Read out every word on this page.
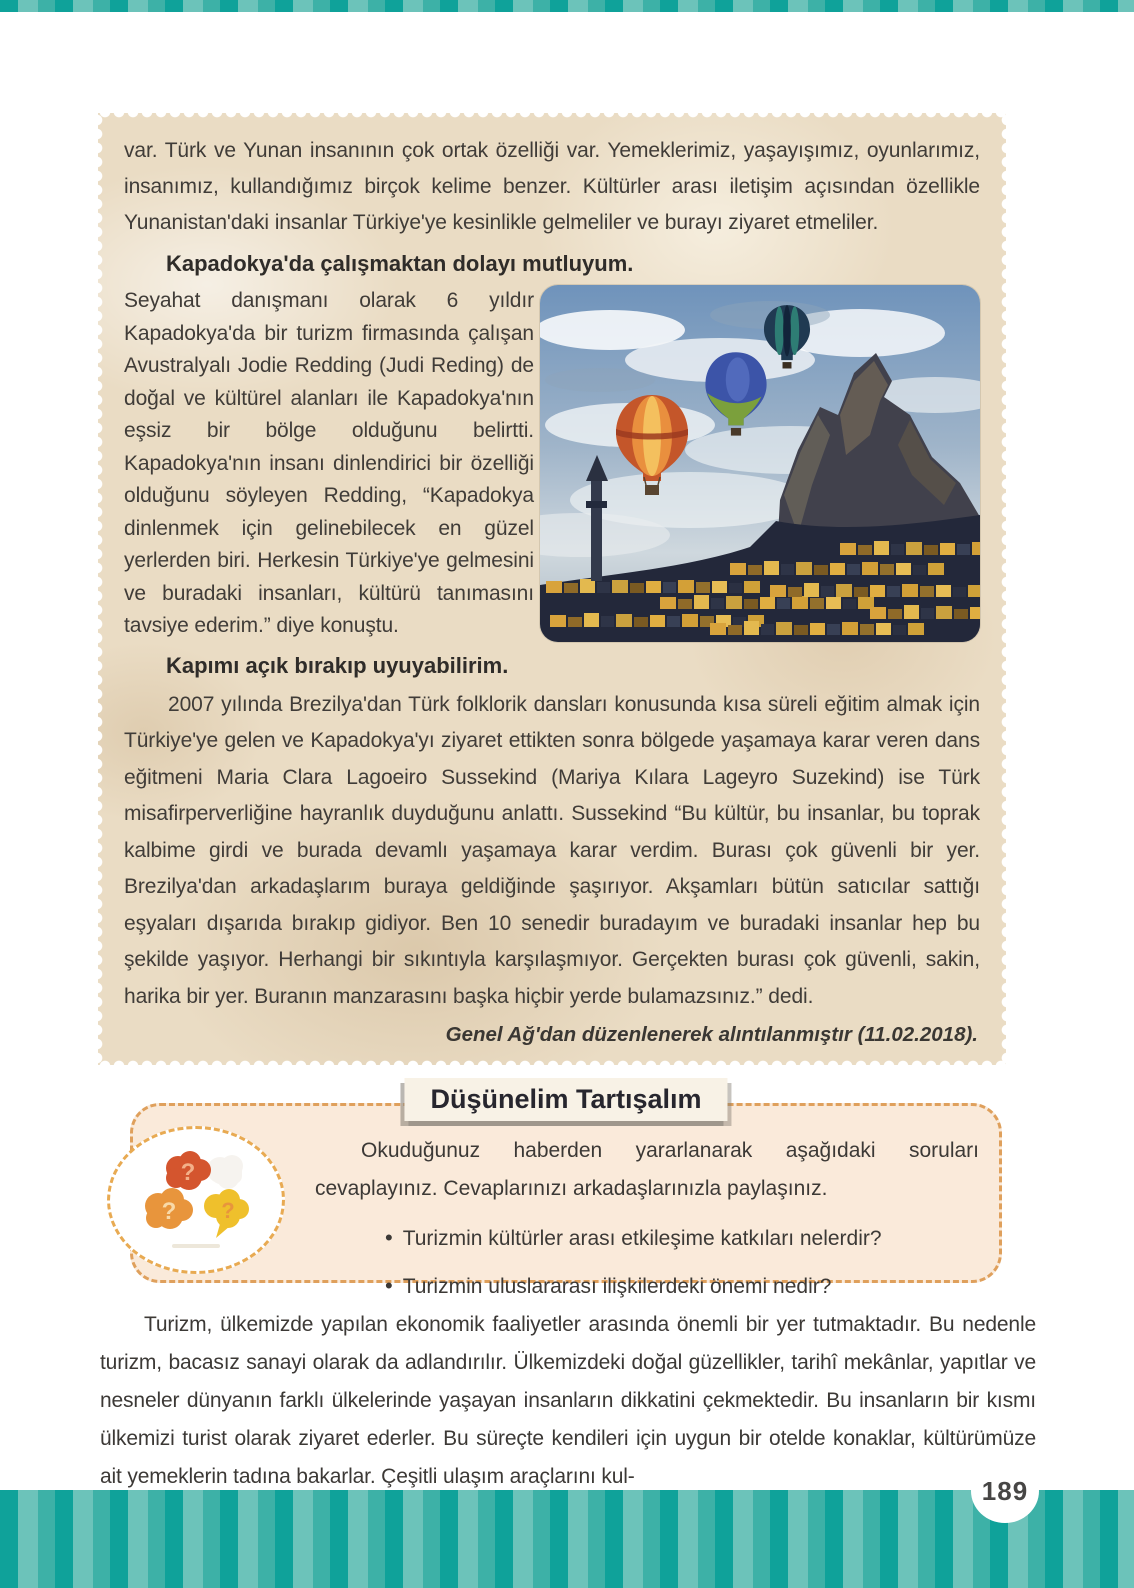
var. Türk ve Yunan insanının çok ortak özelliği var. Yemeklerimiz, yaşayışımız, oyunlarımız, insanımız, kullandığımız birçok kelime benzer. Kültürler arası iletişim açısından özellikle Yunanistan'daki insanlar Türkiye'ye kesinlikle gelmeliler ve burayı ziyaret etmeliler.

Kapadokya'da çalışmaktan dolayı mutluyum.

Seyahat danışmanı olarak 6 yıldır Kapadokya'da bir turizm firmasında çalışan Avustralyalı Jodie Redding (Judi Reding) de doğal ve kültürel alanları ile Kapadokya'nın eşsiz bir bölge olduğunu belirtti. Kapadokya'nın insanı dinlendirici bir özelliği olduğunu söyleyen Redding, “Kapadokya dinlenmek için gelinebilecek en güzel yerlerden biri. Herkesin Türkiye'ye gelmesini ve buradaki insanları, kültürü tanımasını tavsiye ederim.” diye konuştu.

Kapımı açık bırakıp uyuyabilirim.

2007 yılında Brezilya'dan Türk folklorik dansları konusunda kısa süreli eğitim almak için Türkiye'ye gelen ve Kapadokya'yı ziyaret ettikten sonra bölgede yaşamaya karar veren dans eğitmeni Maria Clara Lagoeiro Sussekind (Mariya Kılara Lageyro Suzekind) ise Türk misafirperverliğine hayranlık duyduğunu anlattı. Sussekind “Bu kültür, bu insanlar, bu toprak kalbime girdi ve burada devamlı yaşamaya karar verdim. Burası çok güvenli bir yer. Brezilya'dan arkadaşlarım buraya geldiğinde şaşırıyor. Akşamları bütün satıcılar sattığı eşyaları dışarıda bırakıp gidiyor. Ben 10 senedir buradayım ve buradaki insanlar hep bu şekilde yaşıyor. Herhangi bir sıkıntıyla karşılaşmıyor. Gerçekten burası çok güvenli, sakin, harika bir yer. Buranın manzarasını başka hiçbir yerde bulamazsınız.” dedi.

Genel Ağ'dan düzenlenerek alıntılanmıştır (11.02.2018).

Düşünelim Tartışalım
?
? ?

Okuduğunuz haberden yararlanarak aşağıdaki soruları cevaplayınız. Cevaplarınızı arkadaşlarınızla paylaşınız.

• Turizmin kültürler arası etkileşime katkıları nelerdir?
• Turizmin uluslararası ilişkilerdeki önemi nedir?

Turizm, ülkemizde yapılan ekonomik faaliyetler arasında önemli bir yer tutmaktadır. Bu nedenle turizm, bacasız sanayi olarak da adlandırılır. Ülkemizdeki doğal güzellikler, tarihî mekânlar, yapıtlar ve nesneler dünyanın farklı ülkelerinde yaşayan insanların dikkatini çekmektedir. Bu insanların bir kısmı ülkemizi turist olarak ziyaret ederler. Bu süreçte kendileri için uygun bir otelde konaklar, kültürümüze ait yemeklerin tadına bakarlar. Çeşitli ulaşım araçlarını kul-	189
